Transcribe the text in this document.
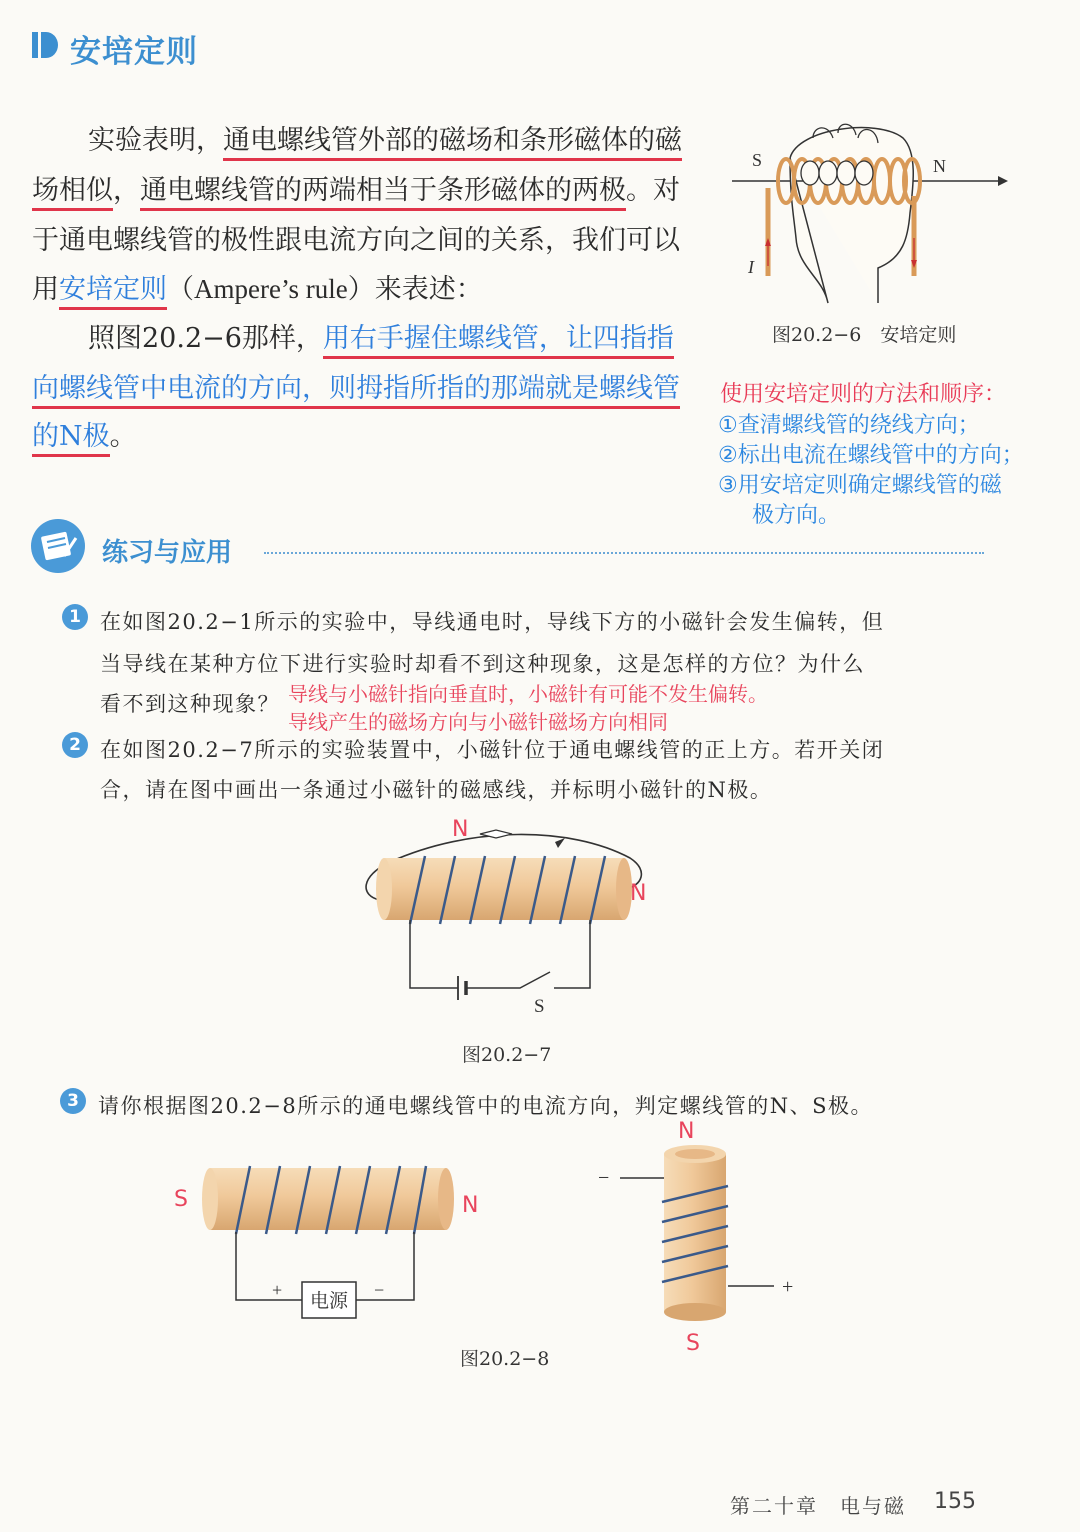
安培定则
实验表明，通电螺线管外部的磁场和条形磁体的磁
场相似，通电螺线管的两端相当于条形磁体的两极。对
于通电螺线管的极性跟电流方向之间的关系，我们可以
用安培定则（Ampere’s rule）来表述：
照图20.2−6那样，用右手握住螺线管，让四指指
向螺线管中电流的方向，则拇指所指的那端就是螺线管
的N极。
S	N
I
图20.2−6　安培定则
使用安培定则的方法和顺序：
①查清螺线管的绕线方向；
②标出电流在螺线管中的方向；
③用安培定则确定螺线管的磁
极方向。
练习与应用
1 在如图20.2−1所示的实验中，导线通电时，导线下方的小磁针会发生偏转，但
当导线在某种方位下进行实验时却看不到这种现象，这是怎样的方位？为什么
看不到这种现象？ 导线与小磁针指向垂直时，小磁针有可能不发生偏转。
导线产生的磁场方向与小磁针磁场方向相同
2 在如图20.2−7所示的实验装置中，小磁针位于通电螺线管的正上方。若开关闭
合，请在图中画出一条通过小磁针的磁感线，并标明小磁针的N极。
N
N
S
图20.2−7
3 请你根据图20.2−8所示的通电螺线管中的电流方向，判定螺线管的N、S极。
S	N
+	−
电源
图20.2−8
−
+
N
S
第二十章　电与磁 155
